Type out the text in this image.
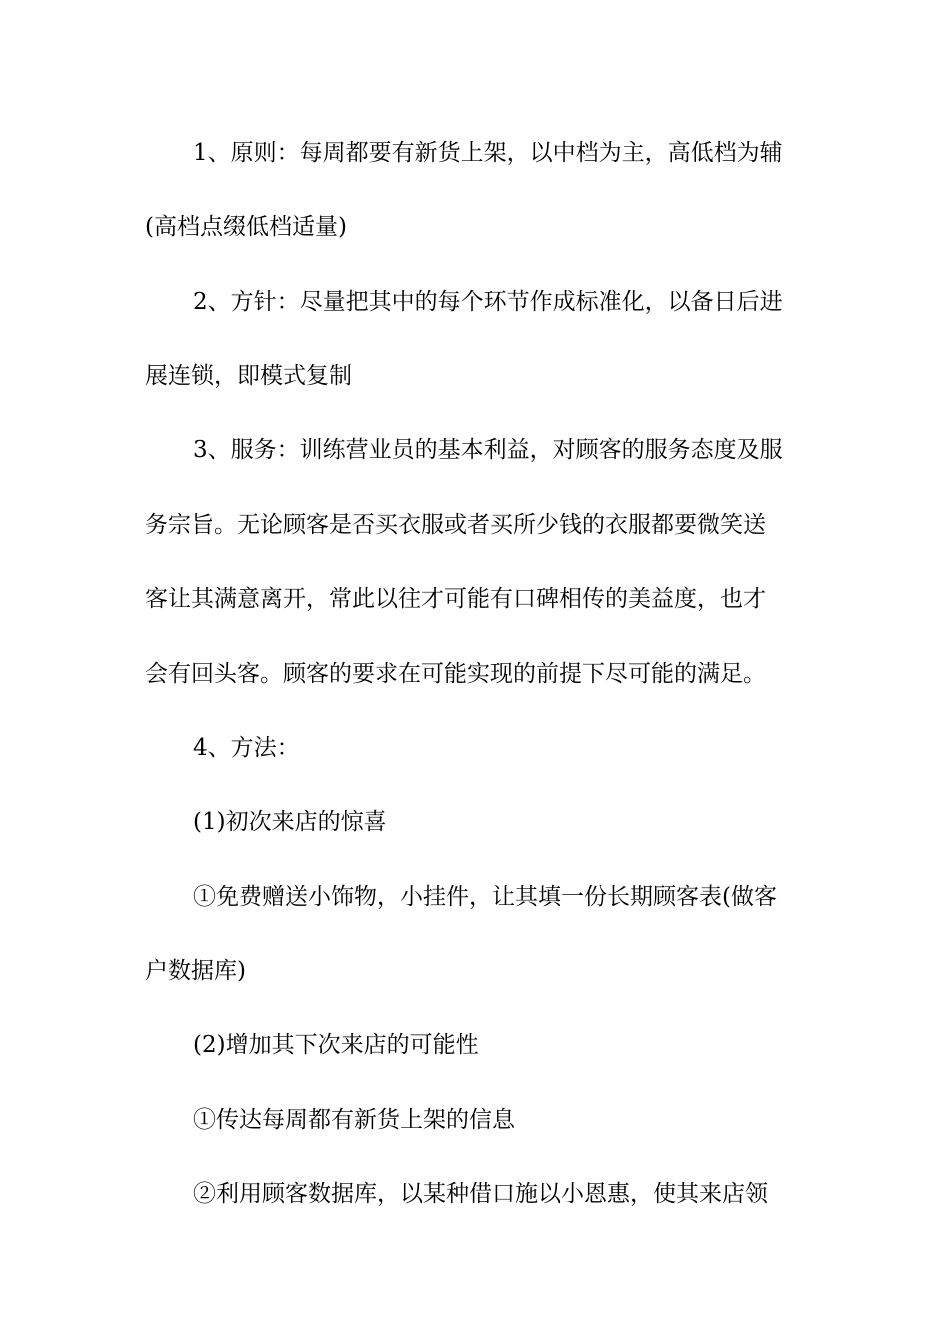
1、原则：每周都要有新货上架，以中档为主，高低档为辅
(高档点缀低档适量)
2、方针：尽量把其中的每个环节作成标准化，以备日后进
展连锁，即模式复制
3、服务：训练营业员的基本利益，对顾客的服务态度及服
务宗旨。无论顾客是否买衣服或者买所少钱的衣服都要微笑送
客让其满意离开，常此以往才可能有口碑相传的美益度，也才
会有回头客。顾客的要求在可能实现的前提下尽可能的满足。
4、方法：
(1)初次来店的惊喜
①免费赠送小饰物，小挂件，让其填一份长期顾客表(做客
户数据库)
(2)增加其下次来店的可能性
①传达每周都有新货上架的信息
②利用顾客数据库，以某种借口施以小恩惠，使其来店领
